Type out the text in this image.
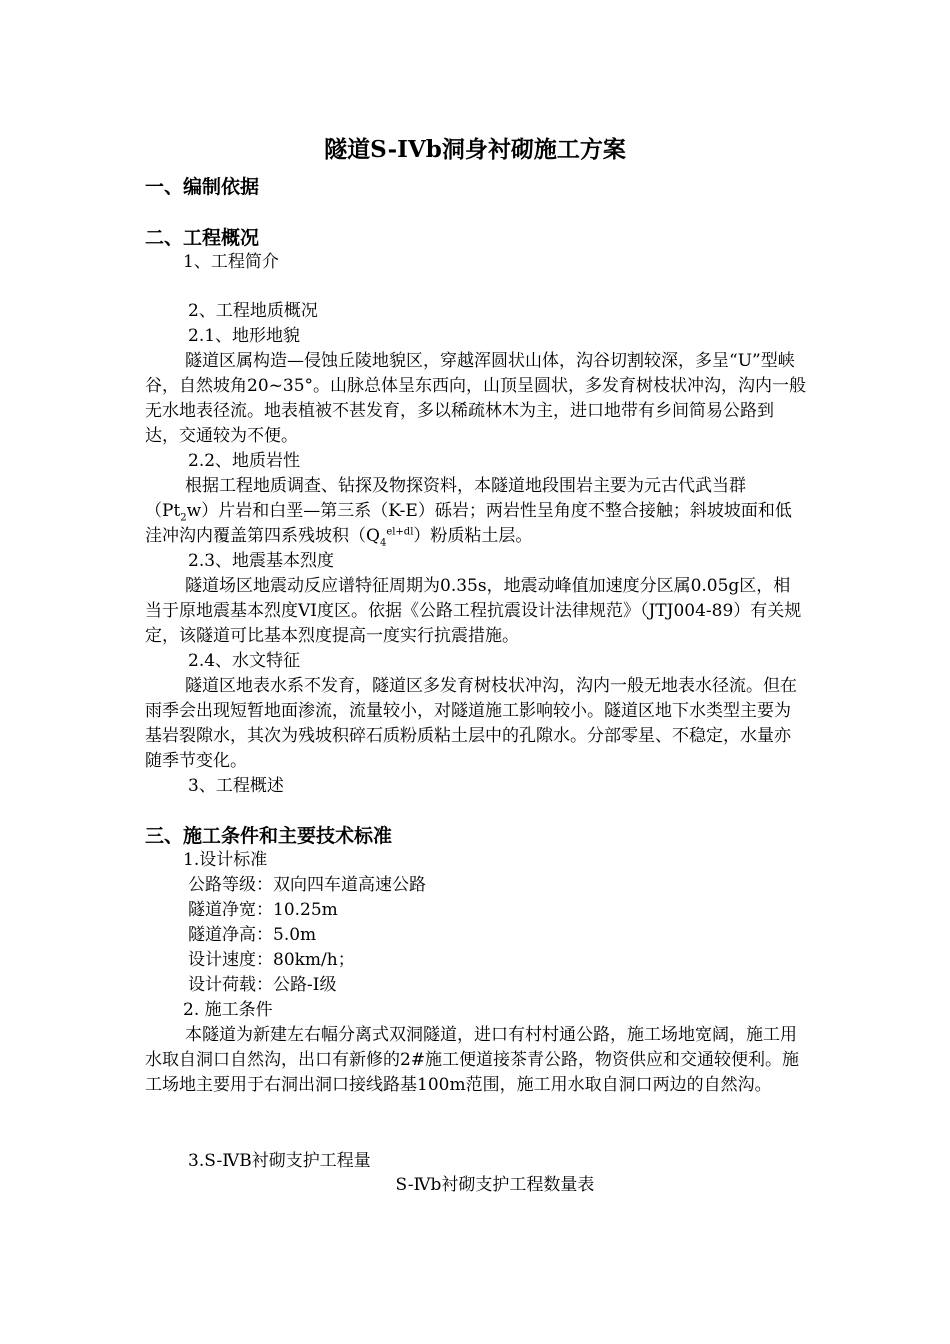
隧道S-IVb洞身衬砌施工方案
一、编制依据
二、工程概况
1、工程简介
2、工程地质概况
2.1、地形地貌

隧道区属构造—侵蚀丘陵地貌区，穿越浑圆状山体，沟谷切割较深，多呈“U”型峡谷，自然坡角20~35°。山脉总体呈东西向，山顶呈圆状，多发育树枝状冲沟，沟内一般无水地表径流。地表植被不甚发育，多以稀疏林木为主，进口地带有乡间简易公路到达，交通较为不便。

2.2、地质岩性

根据工程地质调查、钻探及物探资料，本隧道地段围岩主要为元古代武当群$(Pt_2w)$片岩和白垩—第三系（K-E）砾岩；两岩性呈角度不整合接触；斜坡坡面和低洼冲沟内覆盖第四系残坡积$(Q_4^{el+dl})$粉质粘土层。

2.3、地震基本烈度

隧道场区地震动反应谱特征周期为0.35s，地震动峰值加速度分区属0.05g区，相当于原地震基本烈度VI度区。依据《公路工程抗震设计法律规范》（JTJ004-89）有关规定，该隧道可比基本烈度提高一度实行抗震措施。

2.4、水文特征

隧道区地表水系不发育，隧道区多发育树枝状冲沟，沟内一般无地表水径流。但在雨季会出现短暂地面渗流，流量较小，对隧道施工影响较小。隧道区地下水类型主要为基岩裂隙水，其次为残坡积碎石质粉质粘土层中的孔隙水。分部零星、不稳定，水量亦随季节变化。

3、工程概述
三、施工条件和主要技术标准
1.设计标准
公路等级：双向四车道高速公路
隧道净宽：10.25m
隧道净高：5.0m
设计速度：80km/h；
设计荷载：公路-Ⅰ级
2. 施工条件

本隧道为新建左右幅分离式双洞隧道，进口有村村通公路，施工场地宽阔，施工用水取自洞口自然沟，出口有新修的2#施工便道接茶青公路，物资供应和交通较便利。施工场地主要用于右洞出洞口接线路基100m范围，施工用水取自洞口两边的自然沟。

3.S-ⅣB衬砌支护工程量
S-Ⅳb衬砌支护工程数量表
